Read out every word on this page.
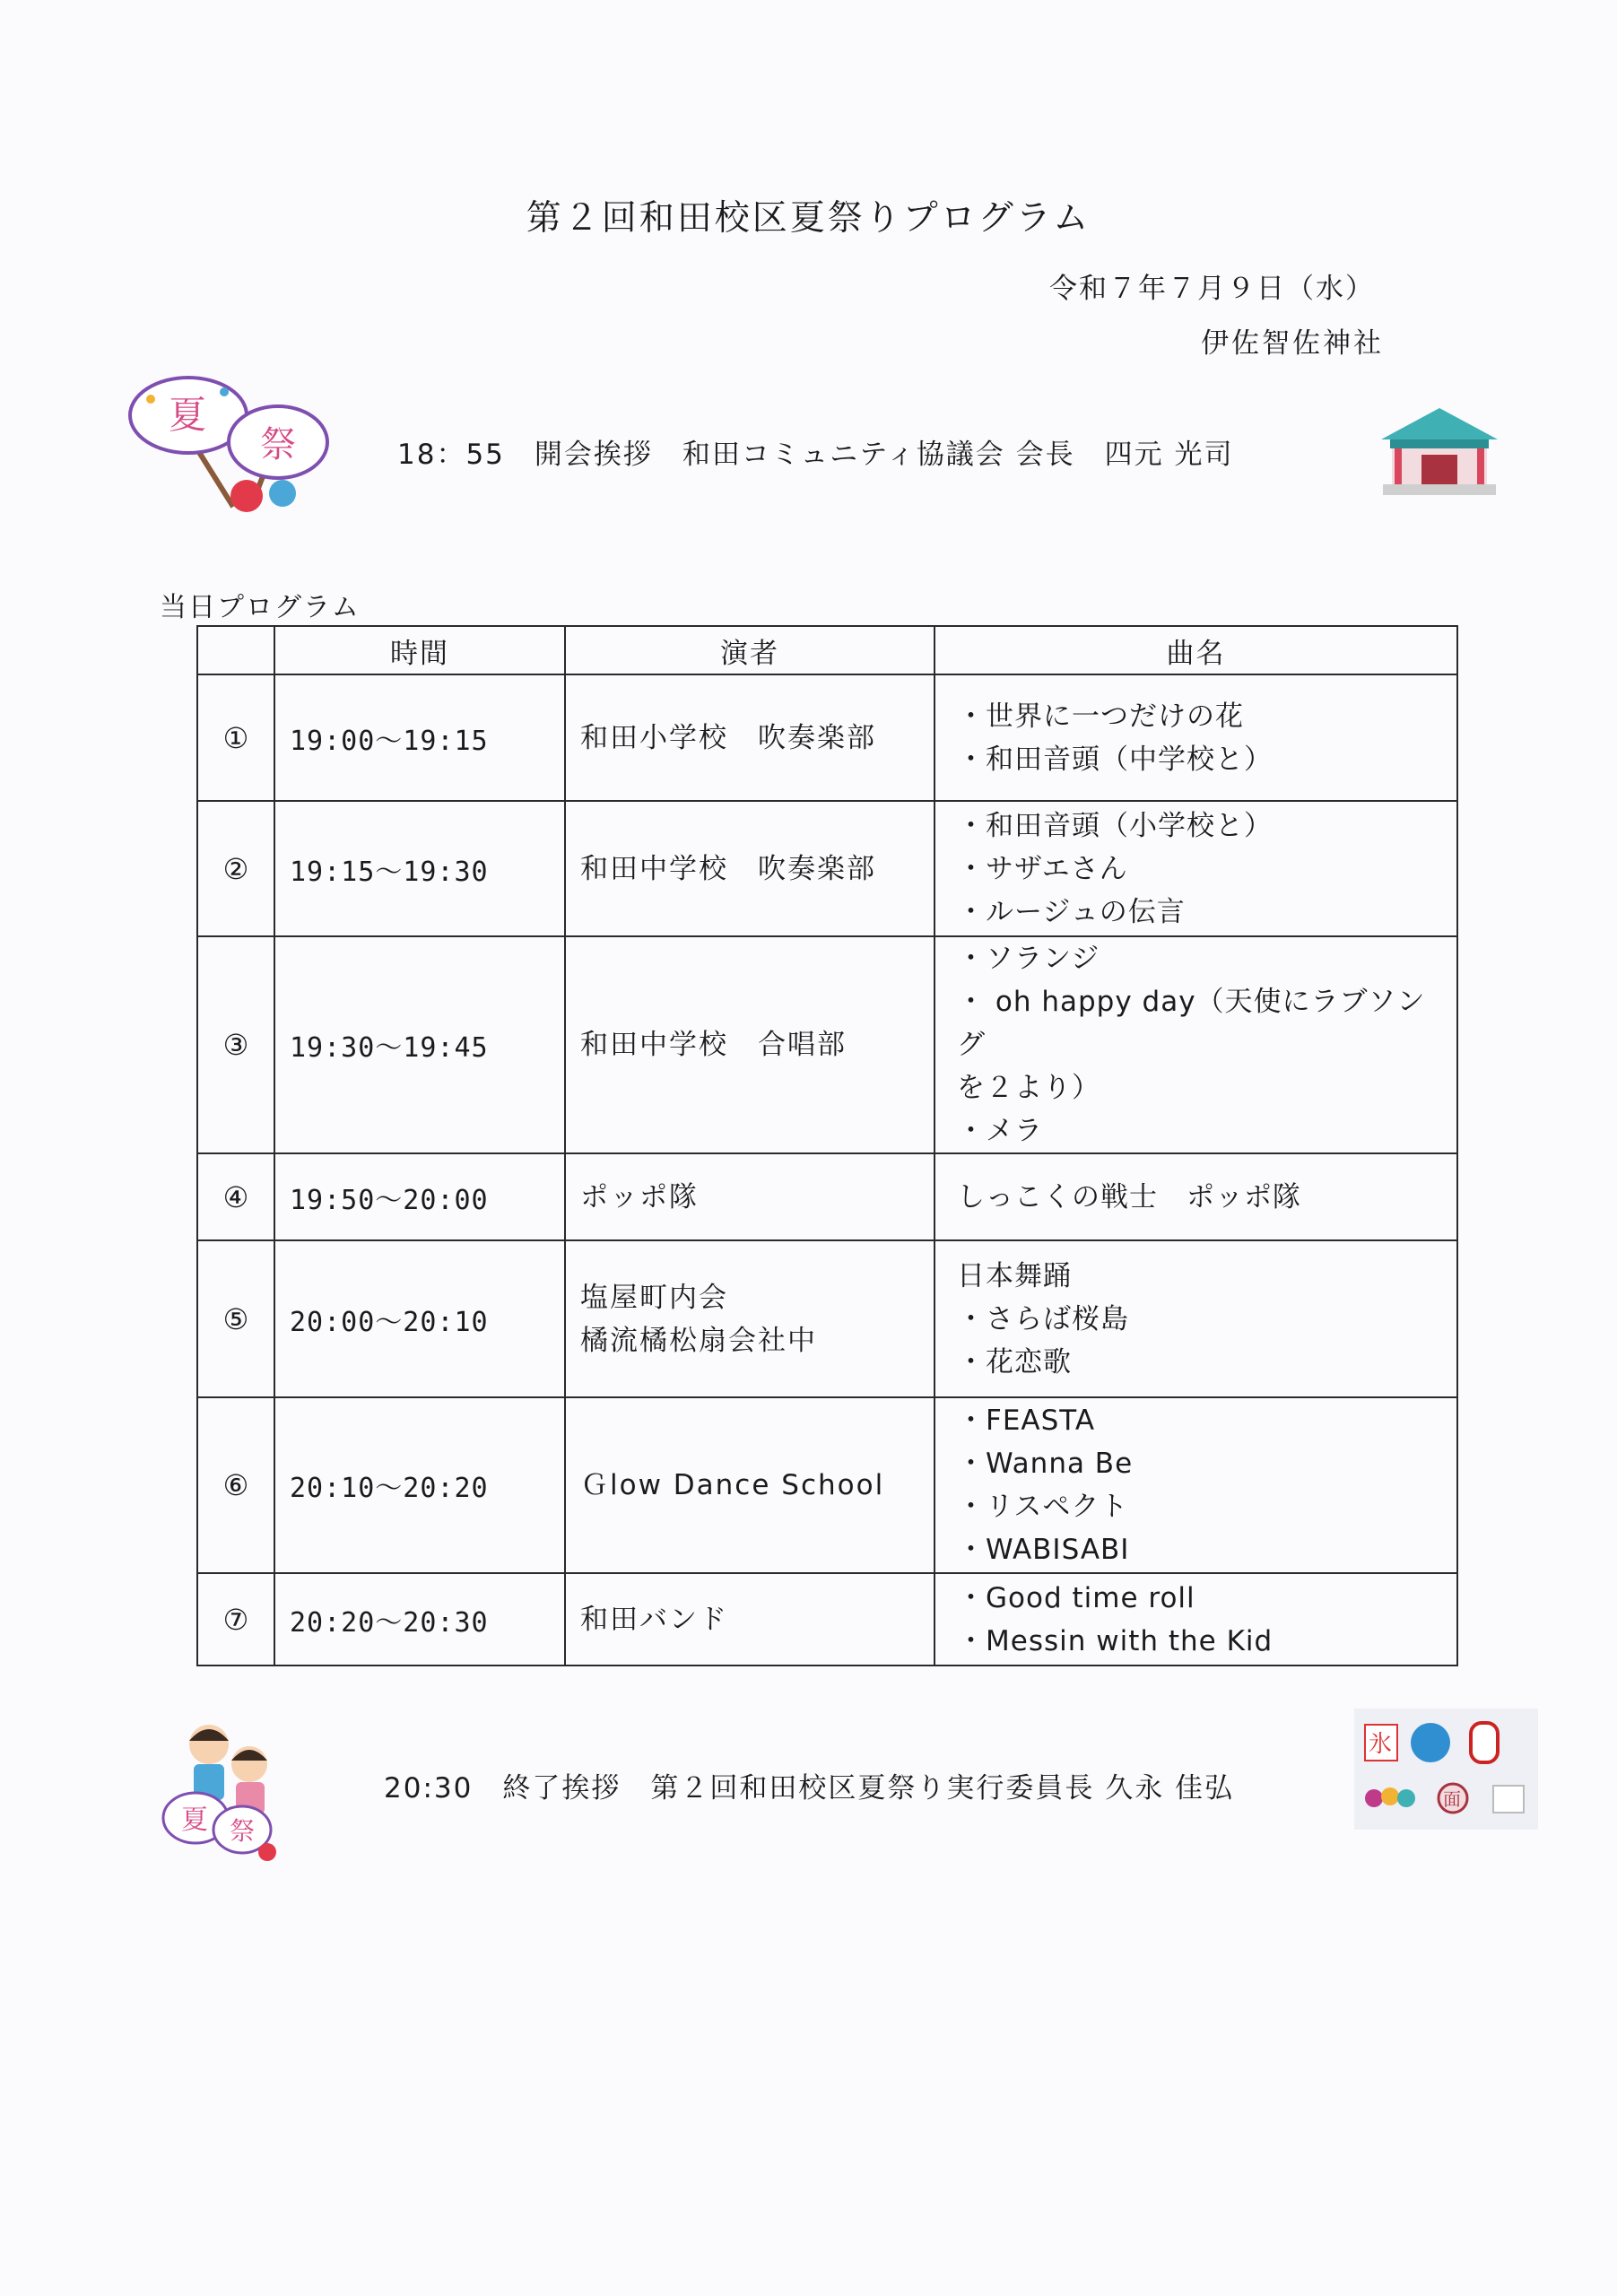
第２回和田校区夏祭りプログラム
令和７年７月９日（水）
伊佐智佐神社
夏
祭	18：55　開会挨拶　和田コミュニティ協議会 会長　四元 光司
当日プログラム
	時間	演者	曲名
①	19:00～19:15	和田小学校　吹奏楽部	・世界に一つだけの花
・和田音頭（中学校と）

②	19:15～19:30	和田中学校　吹奏楽部	・和田音頭（小学校と）
・サザエさん
・ルージュの伝言

③	19:30～19:45	和田中学校　合唱部	・ソランジ
・ oh happy day（天使にラブソング
を２より）
・メラ

④	19:50～20:00	ポッポ隊	しっこくの戦士　ポッポ隊

⑤	20:00～20:10	塩屋町内会
橘流橘松扇会社中	日本舞踊
・さらば桜島
・花恋歌

⑥	20:10～20:20	Ｇlow Dance School	・FEASTA
・Wanna Be
・リスペクト
・WABISABI

⑦	20:20～20:30	和田バンド	・Good time roll
・Messin with the Kid
夏 祭
20:30　終了挨拶　第２回和田校区夏祭り実行委員長 久永 佳弘
氷
面
